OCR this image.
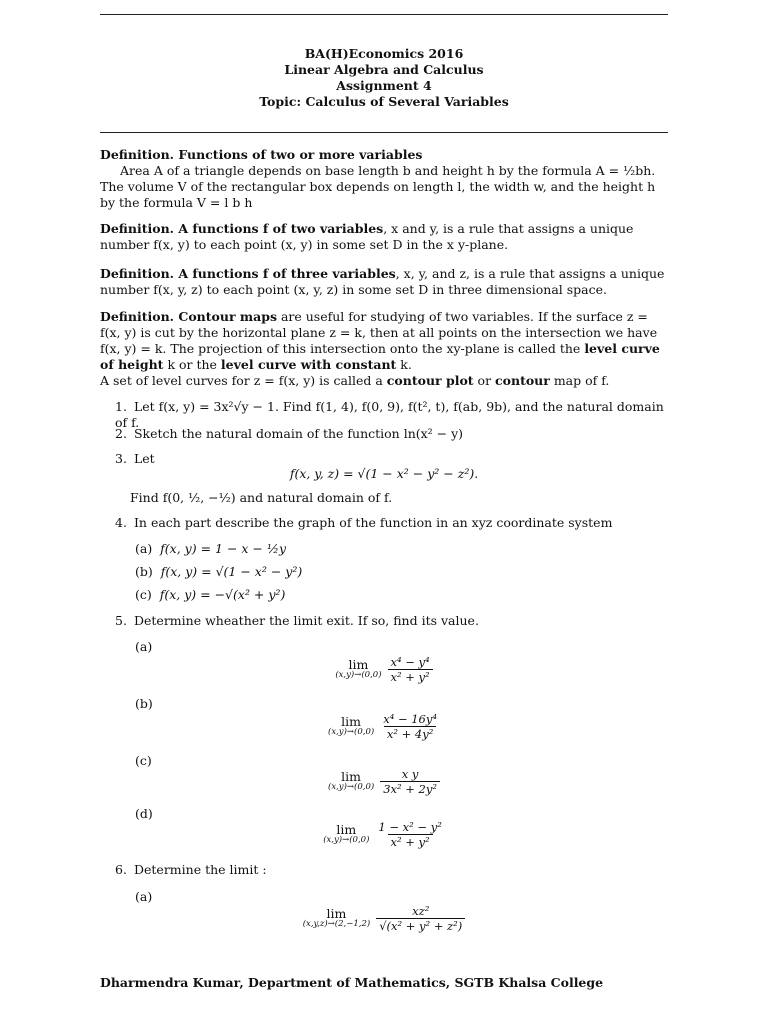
BA(H)Economics 2016
Linear Algebra and Calculus
Assignment 4
Topic: Calculus of Several Variables
Definition. Functions of two or more variables
Area A of a triangle depends on base length b and height h by the formula A = ½bh.
The volume V of the rectangular box depends on length l, the width w, and the height h by the formula V = l b h
Definition. A functions f of two variables, x and y, is a rule that assigns a unique number f(x, y) to each point (x, y) in some set D in the x y-plane.
Definition. A functions f of three variables, x, y, and z, is a rule that assigns a unique number f(x, y, z) to each point (x, y, z) in some set D in three dimensional space.
Definition. Contour maps are useful for studying of two variables. If the surface z = f(x, y) is cut by the horizontal plane z = k, then at all points on the intersection we have f(x, y) = k. The projection of this intersection onto the xy-plane is called the level curve of height k or the level curve with constant k.
A set of level curves for z = f(x, y) is called a contour plot or contour map of f.
1. Let f(x, y) = 3x²√y − 1. Find f(1, 4), f(0, 9), f(t², t), f(ab, 9b), and the natural domain of f.
2. Sketch the natural domain of the function ln(x² − y)
3. Let
f(x, y, z) = √(1 − x² − y² − z²).
Find f(0, ½, −½) and natural domain of f.
4. In each part describe the graph of the function in an xyz coordinate system
(a) f(x, y) = 1 − x − ½y
(b) f(x, y) = √(1 − x² − y²)
(c) f(x, y) = −√(x² + y²)
5. Determine wheather the limit exit. If so, find its value.
(a)
lim
$(x,y)\to(0,0) \frac{\text{x⁴ − y⁴}}{\text{x² + y²}}$
(b)
lim
$(x,y)\to(0,0) \frac{\text{x⁴ − 16y⁴}}{\text{x² + 4y²}}$
(c)
lim
$(x,y)\to(0,0) \frac{\text{x y}}{\text{3x² + 2y²}}$
(d)
lim
$(x,y)\to(0,0) \frac{\text{1 − x² − y²}}{\text{x² + y²}}$
6. Determine the limit :
(a)
lim
$(x,y,z)\to(2,-1,2) \frac{\text{xz²}}{\text{√(x² + y² + z²)}}$
Dharmendra Kumar, Department of Mathematics, SGTB Khalsa College
